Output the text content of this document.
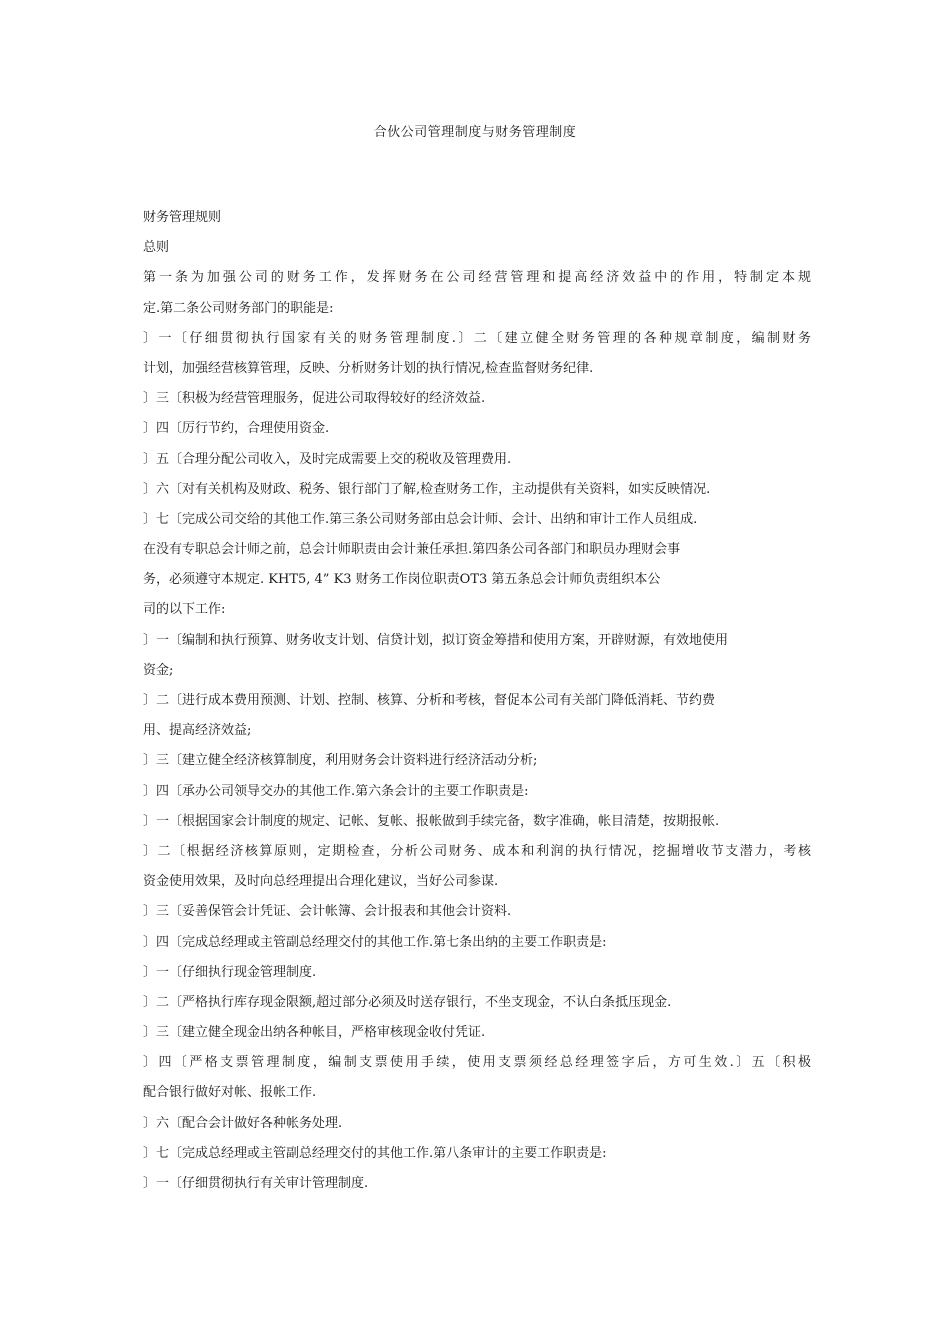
合伙公司管理制度与财务管理制度
财务管理规则
总则
第一条为加强公司的财务工作，发挥财务在公司经营管理和提高经济效益中的作用，特制定本规
定.第二条公司财务部门的职能是:
〕一〔仔细贯彻执行国家有关的财务管理制度.〕二〔建立健全财务管理的各种规章制度，编制财务
计划，加强经营核算管理，反映、分析财务计划的执行情况,检查监督财务纪律.
〕三〔积极为经营管理服务，促进公司取得较好的经济效益.
〕四〔厉行节约，合理使用资金.
〕五〔合理分配公司收入，及时完成需要上交的税收及管理费用.
〕六〔对有关机构及财政、税务、银行部门了解,检查财务工作，主动提供有关资料，如实反映情况.
〕七〔完成公司交给的其他工作.第三条公司财务部由总会计师、会计、出纳和审计工作人员组成.
在没有专职总会计师之前，总会计师职责由会计兼任承担.第四条公司各部门和职员办理财会事
务，必须遵守本规定. KHT5, 4” K3 财务工作岗位职责OT3 第五条总会计师负责组织本公
司的以下工作:
〕一〔编制和执行预算、财务收支计划、信贷计划，拟订资金筹措和使用方案，开辟财源，有效地使用
资金;
〕二〔进行成本费用预测、计划、控制、核算、分析和考核，督促本公司有关部门降低消耗、节约费
用、提高经济效益;
〕三〔建立健全经济核算制度，利用财务会计资料进行经济活动分析;
〕四〔承办公司领导交办的其他工作.第六条会计的主要工作职责是:
〕一〔根据国家会计制度的规定、记帐、复帐、报帐做到手续完备，数字准确，帐目清楚，按期报帐.
〕二〔根据经济核算原则，定期检查，分析公司财务、成本和利润的执行情况，挖掘增收节支潜力，考核
资金使用效果，及时向总经理提出合理化建议，当好公司参谋.
〕三〔妥善保管会计凭证、会计帐簿、会计报表和其他会计资料.
〕四〔完成总经理或主管副总经理交付的其他工作.第七条出纳的主要工作职责是:
〕一〔仔细执行现金管理制度.
〕二〔严格执行库存现金限额,超过部分必须及时送存银行，不坐支现金，不认白条抵压现金.
〕三〔建立健全现金出纳各种帐目，严格审核现金收付凭证.
〕四〔严格支票管理制度，编制支票使用手续，使用支票须经总经理签字后，方可生效.〕五〔积极
配合银行做好对帐、报帐工作.
〕六〔配合会计做好各种帐务处理.
〕七〔完成总经理或主管副总经理交付的其他工作.第八条审计的主要工作职责是:
〕一〔仔细贯彻执行有关审计管理制度.
